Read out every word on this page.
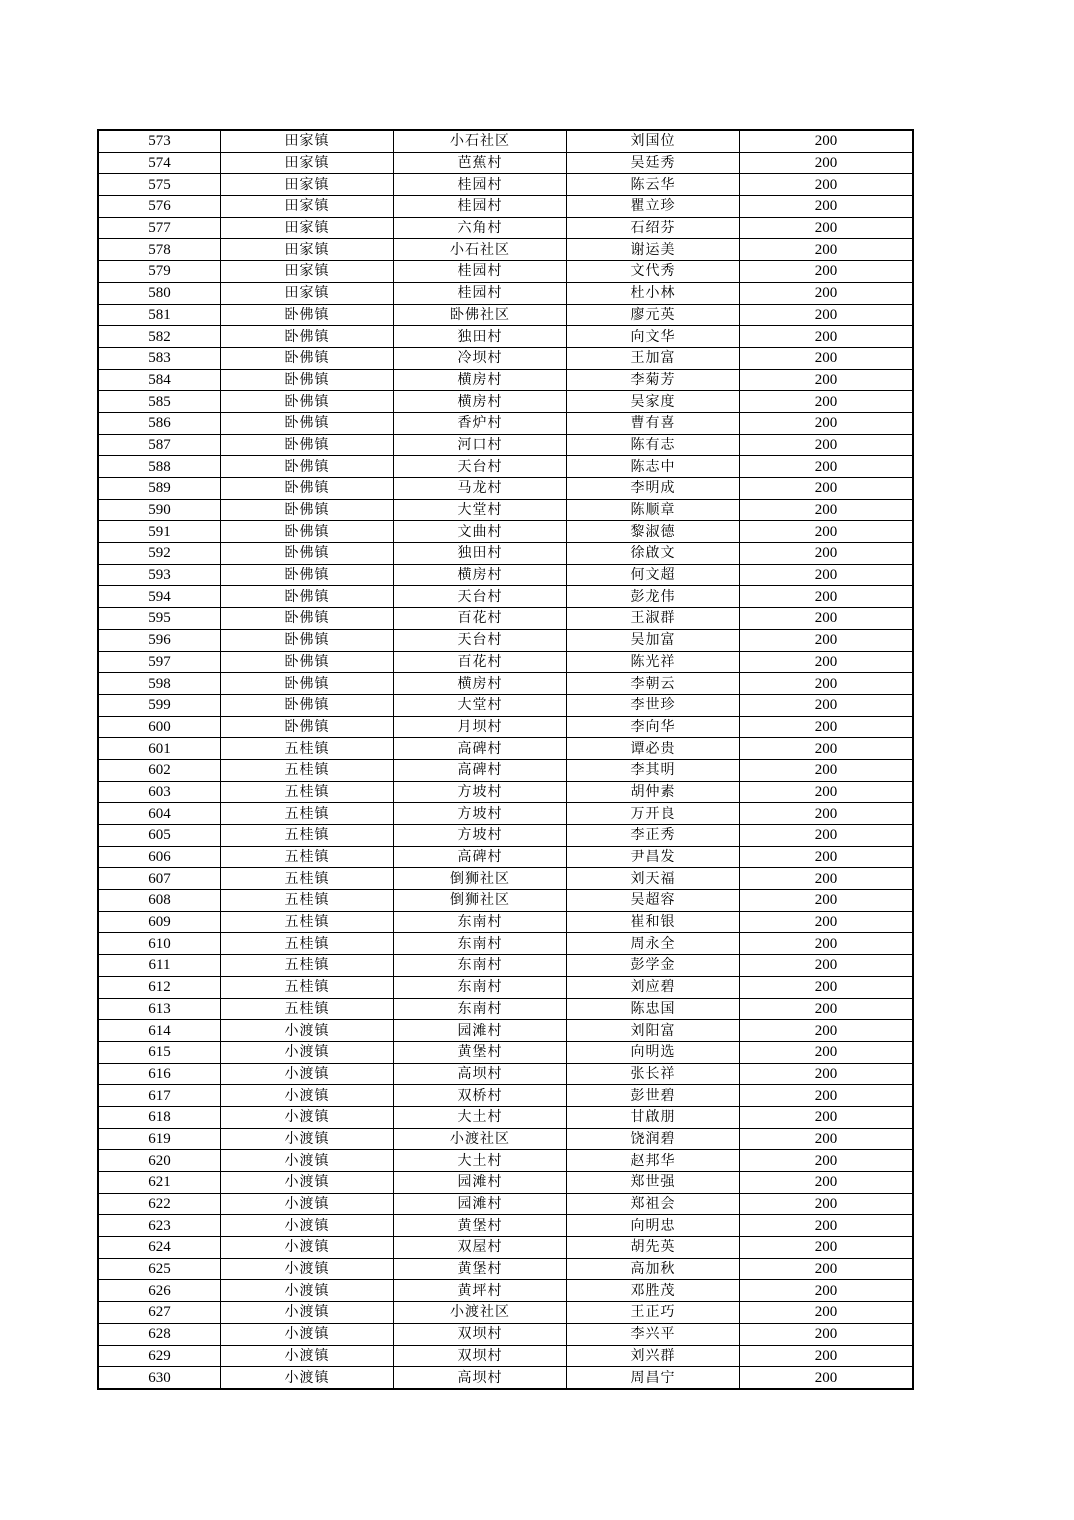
573	田家镇	小石社区	刘国位	200
574	田家镇	芭蕉村	吴廷秀	200
575	田家镇	桂园村	陈云华	200
576	田家镇	桂园村	瞿立珍	200
577	田家镇	六角村	石绍芬	200
578	田家镇	小石社区	谢运美	200
579	田家镇	桂园村	文代秀	200
580	田家镇	桂园村	杜小林	200
581	卧佛镇	卧佛社区	廖元英	200
582	卧佛镇	独田村	向文华	200
583	卧佛镇	冷坝村	王加富	200
584	卧佛镇	横房村	李菊芳	200
585	卧佛镇	横房村	吴家度	200
586	卧佛镇	香炉村	曹有喜	200
587	卧佛镇	河口村	陈有志	200
588	卧佛镇	天台村	陈志中	200
589	卧佛镇	马龙村	李明成	200
590	卧佛镇	大堂村	陈顺章	200
591	卧佛镇	文曲村	黎淑德	200
592	卧佛镇	独田村	徐啟文	200
593	卧佛镇	横房村	何文超	200
594	卧佛镇	天台村	彭龙伟	200
595	卧佛镇	百花村	王淑群	200
596	卧佛镇	天台村	吴加富	200
597	卧佛镇	百花村	陈光祥	200
598	卧佛镇	横房村	李朝云	200
599	卧佛镇	大堂村	李世珍	200
600	卧佛镇	月坝村	李向华	200
601	五桂镇	高碑村	谭必贵	200
602	五桂镇	高碑村	李其明	200
603	五桂镇	方坡村	胡仲素	200
604	五桂镇	方坡村	万开良	200
605	五桂镇	方坡村	李正秀	200
606	五桂镇	高碑村	尹昌发	200
607	五桂镇	倒狮社区	刘天福	200
608	五桂镇	倒狮社区	吴超容	200
609	五桂镇	东南村	崔和银	200
610	五桂镇	东南村	周永全	200
611	五桂镇	东南村	彭学金	200
612	五桂镇	东南村	刘应碧	200
613	五桂镇	东南村	陈忠国	200
614	小渡镇	园滩村	刘阳富	200
615	小渡镇	黄堡村	向明选	200
616	小渡镇	高坝村	张长祥	200
617	小渡镇	双桥村	彭世碧	200
618	小渡镇	大土村	甘啟朋	200
619	小渡镇	小渡社区	饶润碧	200
620	小渡镇	大土村	赵邦华	200
621	小渡镇	园滩村	郑世强	200
622	小渡镇	园滩村	郑祖会	200
623	小渡镇	黄堡村	向明忠	200
624	小渡镇	双屋村	胡先英	200
625	小渡镇	黄堡村	高加秋	200
626	小渡镇	黄坪村	邓胜茂	200
627	小渡镇	小渡社区	王正巧	200
628	小渡镇	双坝村	李兴平	200
629	小渡镇	双坝村	刘兴群	200
630	小渡镇	高坝村	周昌宁	200
